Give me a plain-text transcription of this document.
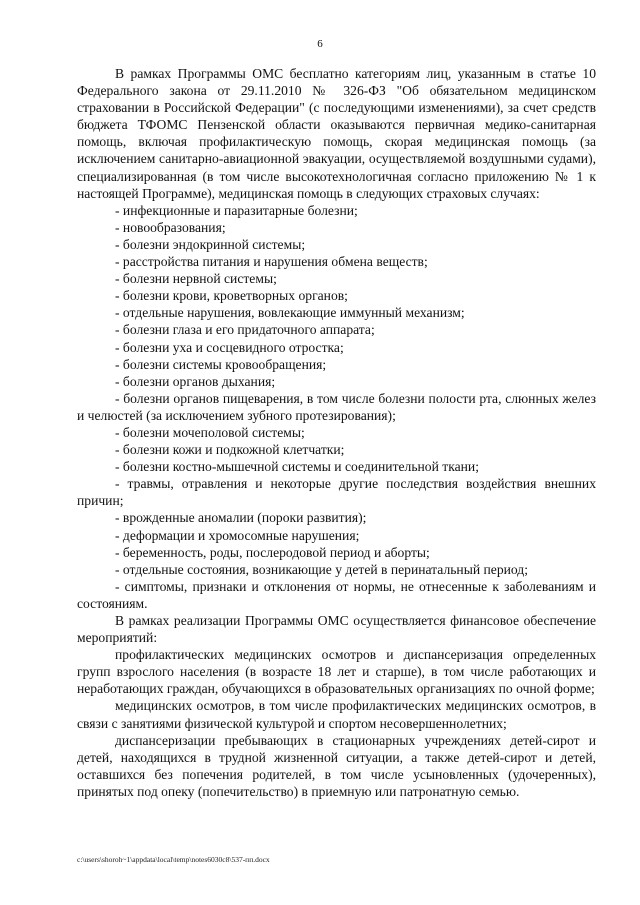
6

В рамках Программы ОМС бесплатно категориям лиц, указанным в статье 10 Федерального закона от 29.11.2010 № 326-ФЗ "Об обязательном медицинском страховании в Российской Федерации" (с последующими изменениями), за счет средств бюджета ТФОМС Пензенской области оказываются первичная медико-санитарная помощь, включая профилактическую помощь, скорая медицинская помощь (за исключением санитарно-авиационной эвакуации, осуществляемой воздушными судами), специализированная (в том числе высокотехнологичная согласно приложению № 1 к настоящей Программе), медицинская помощь в следующих страховых случаях:

- инфекционные и паразитарные болезни;

- новообразования;

- болезни эндокринной системы;

- расстройства питания и нарушения обмена веществ;

- болезни нервной системы;

- болезни крови, кроветворных органов;

- отдельные нарушения, вовлекающие иммунный механизм;

- болезни глаза и его придаточного аппарата;

- болезни уха и сосцевидного отростка;

- болезни системы кровообращения;

- болезни органов дыхания;

- болезни органов пищеварения, в том числе болезни полости рта, слюнных желез и челюстей (за исключением зубного протезирования);

- болезни мочеполовой системы;

- болезни кожи и подкожной клетчатки;

- болезни костно-мышечной системы и соединительной ткани;

- травмы, отравления и некоторые другие последствия воздействия внешних причин;

- врожденные аномалии (пороки развития);

- деформации и хромосомные нарушения;

- беременность, роды, послеродовой период и аборты;

- отдельные состояния, возникающие у детей в перинатальный период;

- симптомы, признаки и отклонения от нормы, не отнесенные к заболеваниям и состояниям.

В рамках реализации Программы ОМС осуществляется финансовое обеспечение мероприятий:

профилактических медицинских осмотров и диспансеризация определенных групп взрослого населения (в возрасте 18 лет и старше), в том числе работающих и неработающих граждан, обучающихся в образовательных организациях по очной форме;

медицинских осмотров, в том числе профилактических медицинских осмотров, в связи с занятиями физической культурой и спортом несовершеннолетних;

диспансеризации пребывающих в стационарных учреждениях детей-сирот и детей, находящихся в трудной жизненной ситуации, а также детей-сирот и детей, оставшихся без попечения родителей, в том числе усыновленных (удочеренных), принятых под опеку (попечительство) в приемную или патронатную семью.

c:\users\shoroh~1\appdata\local\temp\notes6030c8\537-пп.docx
